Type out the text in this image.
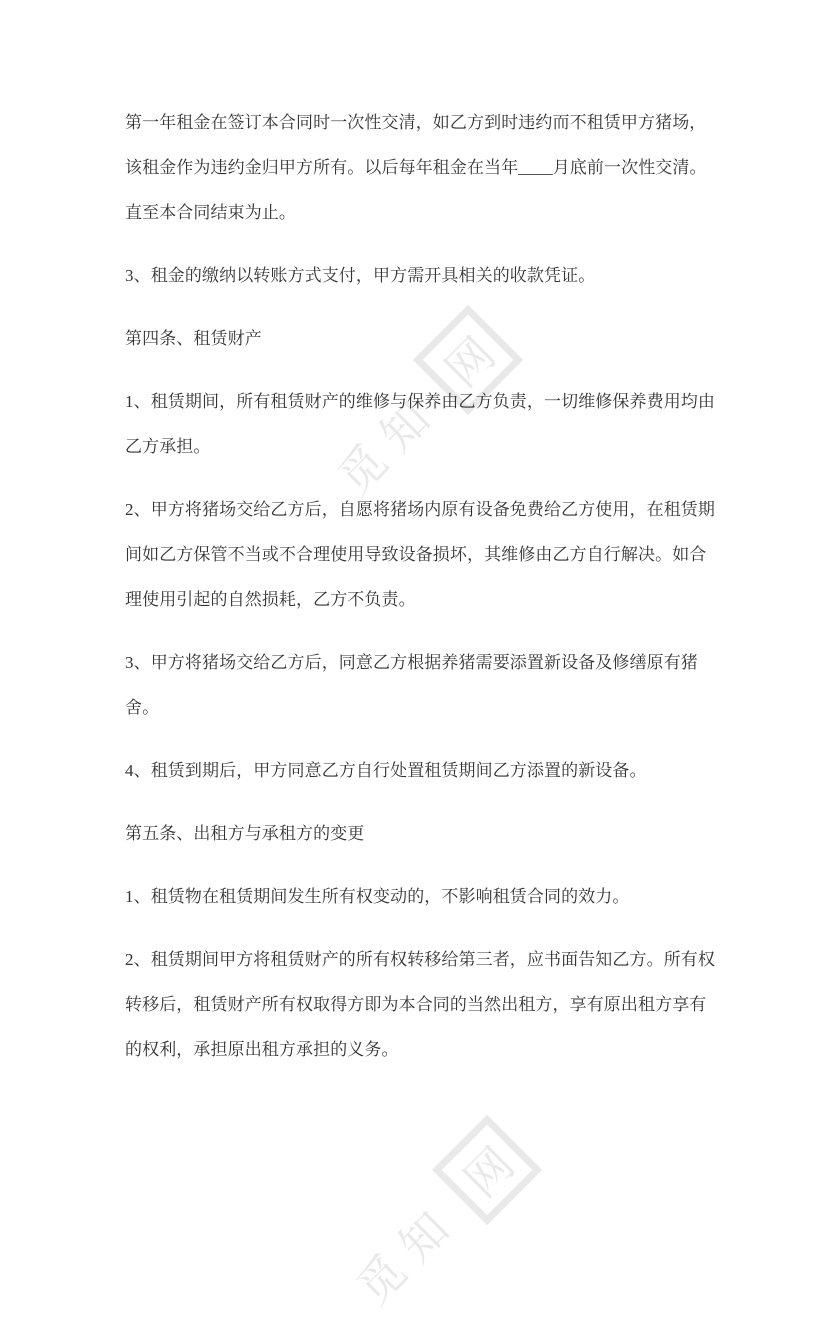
觅知
网
觅知
网
第一年租金在签订本合同时一次性交清，如乙方到时违约而不租赁甲方猪场，
该租金作为违约金归甲方所有。以后每年租金在当年____月底前一次性交清。
直至本合同结束为止。
3、租金的缴纳以转账方式支付，甲方需开具相关的收款凭证。
第四条、租赁财产
1、租赁期间，所有租赁财产的维修与保养由乙方负责，一切维修保养费用均由
乙方承担。
2、甲方将猪场交给乙方后，自愿将猪场内原有设备免费给乙方使用，在租赁期
间如乙方保管不当或不合理使用导致设备损坏，其维修由乙方自行解决。如合
理使用引起的自然损耗，乙方不负责。
3、甲方将猪场交给乙方后，同意乙方根据养猪需要添置新设备及修缮原有猪
舍。
4、租赁到期后，甲方同意乙方自行处置租赁期间乙方添置的新设备。
第五条、出租方与承租方的变更
1、租赁物在租赁期间发生所有权变动的，不影响租赁合同的效力。
2、租赁期间甲方将租赁财产的所有权转移给第三者，应书面告知乙方。所有权
转移后，租赁财产所有权取得方即为本合同的当然出租方，享有原出租方享有
的权利，承担原出租方承担的义务。
